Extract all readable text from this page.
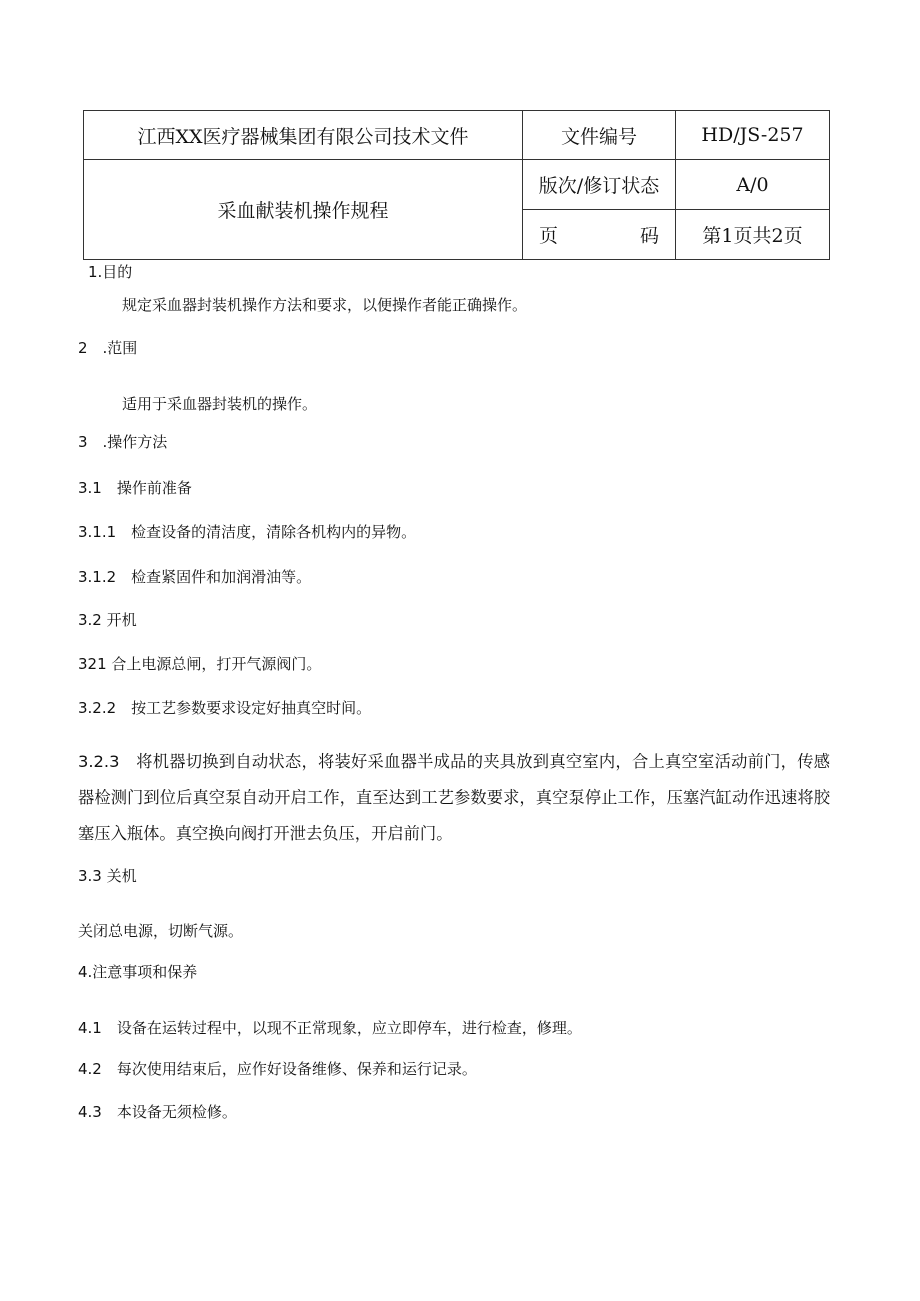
江西XX医疗器械集团有限公司技术文件	文件编号	HD/JS-257
采血献装机操作规程	版次/修订状态	A/0

	页 码	第1页共2页
1.目的
规定采血器封装机操作方法和要求，以便操作者能正确操作。
2　.范围
适用于采血器封装机的操作。
3　.操作方法
3.1　操作前准备
3.1.1　检查设备的清洁度，清除各机构内的异物。
3.1.2　检查紧固件和加润滑油等。
3.2 开机
321 合上电源总闸，打开气源阀门。
3.2.2　按工艺参数要求设定好抽真空时间。
3.2.3　将机器切换到自动状态，将装好采血器半成品的夹具放到真空室内，合上真空室活动前门，传感器检测门到位后真空泵自动开启工作，直至达到工艺参数要求，真空泵停止工作，压塞汽缸动作迅速将胶塞压入瓶体。真空换向阀打开泄去负压，开启前门。
3.3 关机
关闭总电源，切断气源。
4.注意事项和保养
4.1　设备在运转过程中，以现不正常现象，应立即停车，进行检查，修理。
4.2　每次使用结束后，应作好设备维修、保养和运行记录。
4.3　本设备无须检修。
